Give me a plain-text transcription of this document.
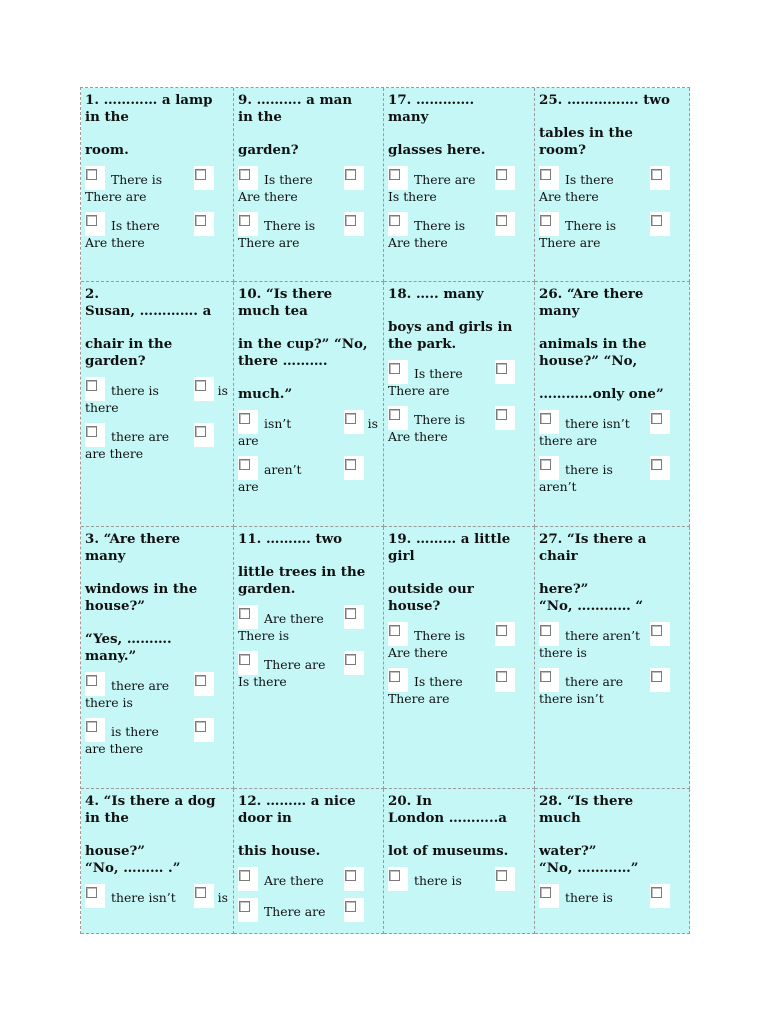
1. ………… a lamp
in the
room.
There is
There are
Is there
Are there
9. ………. a man
in the
garden?
Is there
Are there
There is
There are
17. ………….
many
glasses here.
There are
Is there
There is
Are there
25. ……………. two
tables in the
room?
Is there
Are there
There is
There are
2.
Susan, …………. a
chair in the
garden?
there is	is
there
there are
are there
10. “Is there
much tea
in the cup?” “No,
there ……….
much.”
isn’t	is
are
aren’t
are
18. ….. many
boys and girls in
the park.
Is there
There are
There is
Are there
26. “Are there
many
animals in the
house?” “No,
…………only one”
there isn’t
there are
there is
aren’t
3. “Are there
many
windows in the
house?”
“Yes, ……….
many.”
there are
there is
is there
are there
11. ………. two
little trees in the
garden.
Are there
There is
There are
Is there
19. ……… a little
girl
outside our
house?
There is
Are there
Is there
There are
27. “Is there a
chair
here?”
“No, ………… “
there aren’t
there is
there are
there isn’t
4. “Is there a dog
in the
house?”
“No, ……… .”
there isn’t	is
12. ……… a nice
door in
this house.
Are there
There are
20. In
London ………..a
lot of museums.
there is
28. “Is there
much
water?”
“No, …………”
there is
